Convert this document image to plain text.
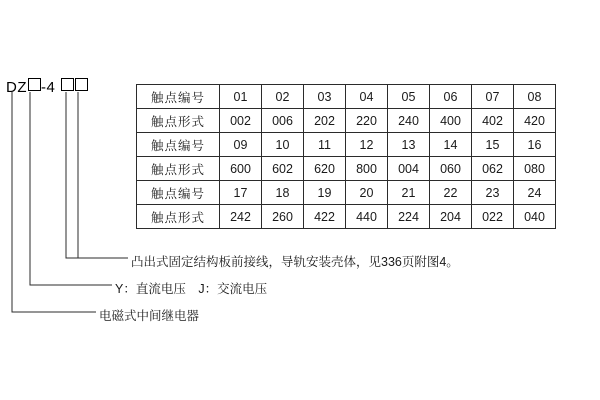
DZ -4
触点编号	01	02	03	04	05	06	07	08
触点形式	002	006	202	220	240	400	402	420
触点编号	09	10	11	12	13	14	15	16
触点形式	600	602	620	800	004	060	062	080
触点编号	17	18	19	20	21	22	23	24
触点形式	242	260	422	440	224	204	022	040
凸出式固定结构板前接线，导轨安装壳体，见336页附图4。
Y：直流电压　J：交流电压
电磁式中间继电器
